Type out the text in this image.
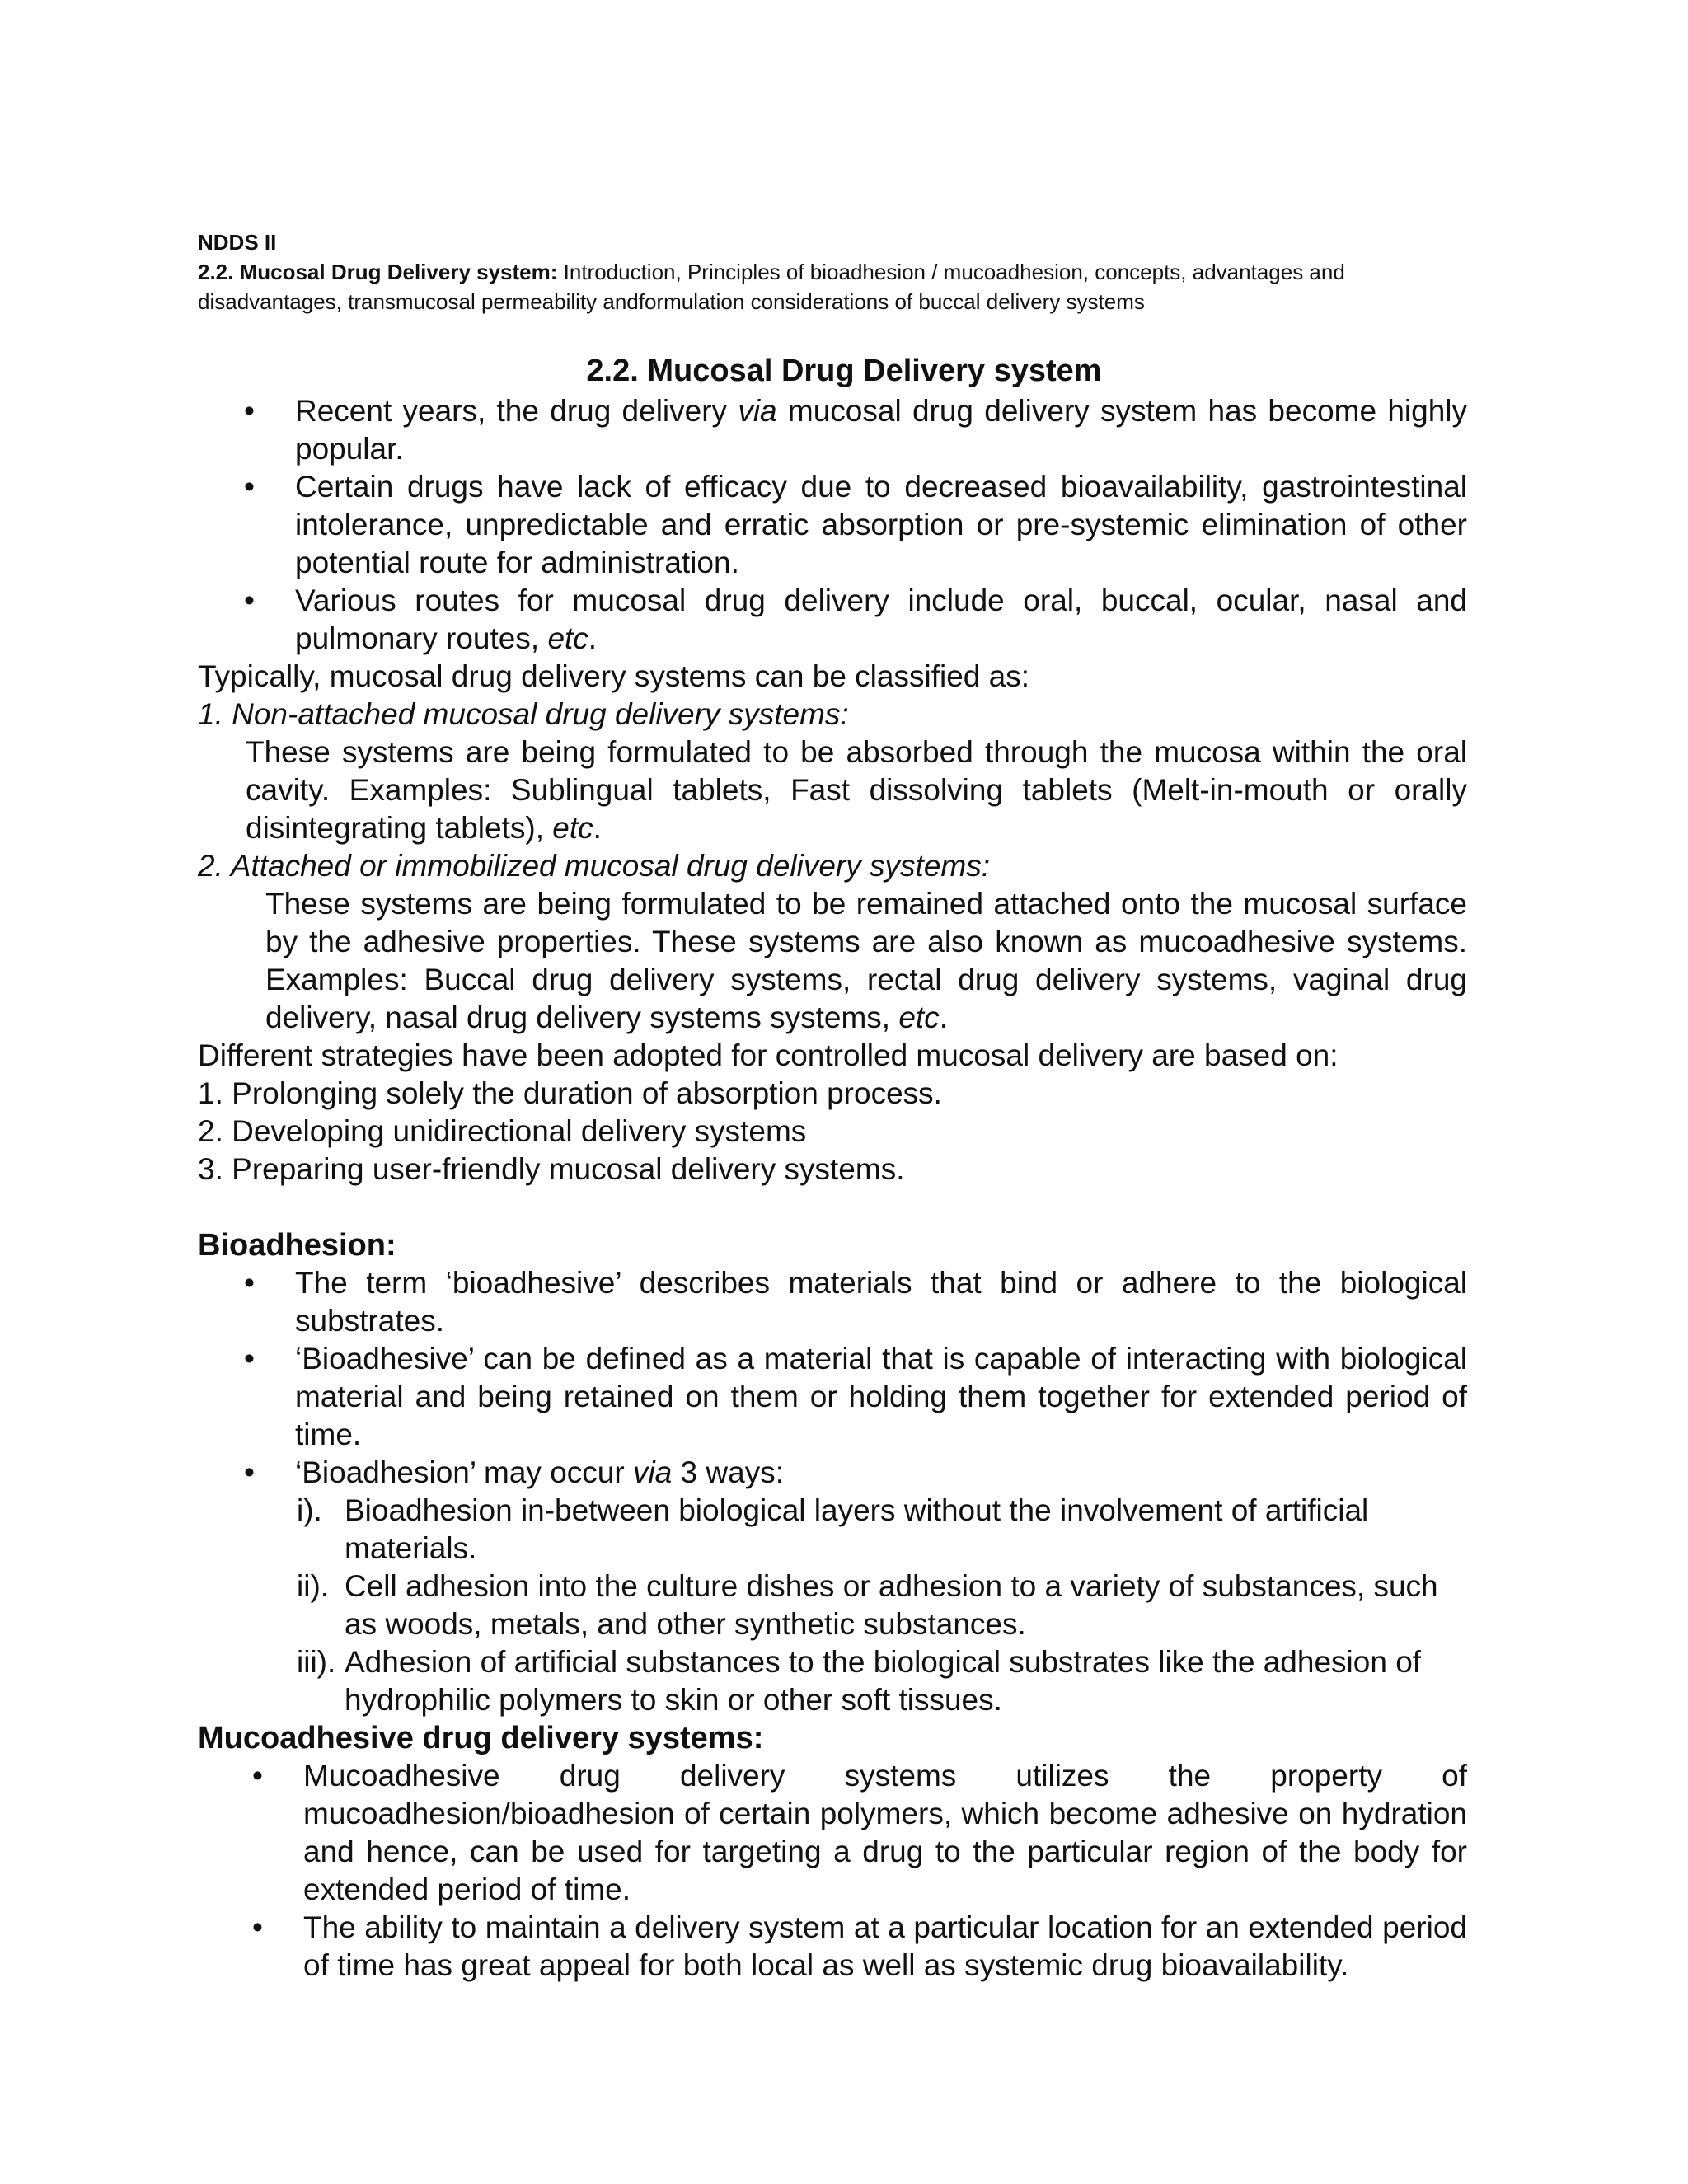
NDDS II
2.2. Mucosal Drug Delivery system: Introduction, Principles of bioadhesion / mucoadhesion, concepts, advantages and disadvantages, transmucosal permeability andformulation considerations of buccal delivery systems
2.2. Mucosal Drug Delivery system
• Recent years, the drug delivery via mucosal drug delivery system has become highly popular.
• Certain drugs have lack of efficacy due to decreased bioavailability, gastrointestinal intolerance, unpredictable and erratic absorption or pre-systemic elimination of other potential route for administration.
• Various routes for mucosal drug delivery include oral, buccal, ocular, nasal and pulmonary routes, etc.

Typically, mucosal drug delivery systems can be classified as:

1. Non-attached mucosal drug delivery systems:

These systems are being formulated to be absorbed through the mucosa within the oral cavity. Examples: Sublingual tablets, Fast dissolving tablets (Melt-in-mouth or orally disintegrating tablets), etc.

2. Attached or immobilized mucosal drug delivery systems:

These systems are being formulated to be remained attached onto the mucosal surface by the adhesive properties. These systems are also known as mucoadhesive systems. Examples: Buccal drug delivery systems, rectal drug delivery systems, vaginal drug delivery, nasal drug delivery systems systems, etc.

Different strategies have been adopted for controlled mucosal delivery are based on:

1. Prolonging solely the duration of absorption process.

2. Developing unidirectional delivery systems

3. Preparing user-friendly mucosal delivery systems.

Bioadhesion:

• The term ‘bioadhesive’ describes materials that bind or adhere to the biological substrates.
• ‘Bioadhesive’ can be defined as a material that is capable of interacting with biological material and being retained on them or holding them together for extended period of time.
• ‘Bioadhesion’ may occur via 3 ways:
i). Bioadhesion in-between biological layers without the involvement of artificial materials.
ii). Cell adhesion into the culture dishes or adhesion to a variety of substances, such as woods, metals, and other synthetic substances.
iii). Adhesion of artificial substances to the biological substrates like the adhesion of hydrophilic polymers to skin or other soft tissues.

Mucoadhesive drug delivery systems:

• Mucoadhesive drug delivery systems utilizes the property of mucoadhesion/bioadhesion of certain polymers, which become adhesive on hydration and hence, can be used for targeting a drug to the particular region of the body for extended period of time.
• The ability to maintain a delivery system at a particular location for an extended period of time has great appeal for both local as well as systemic drug bioavailability.
